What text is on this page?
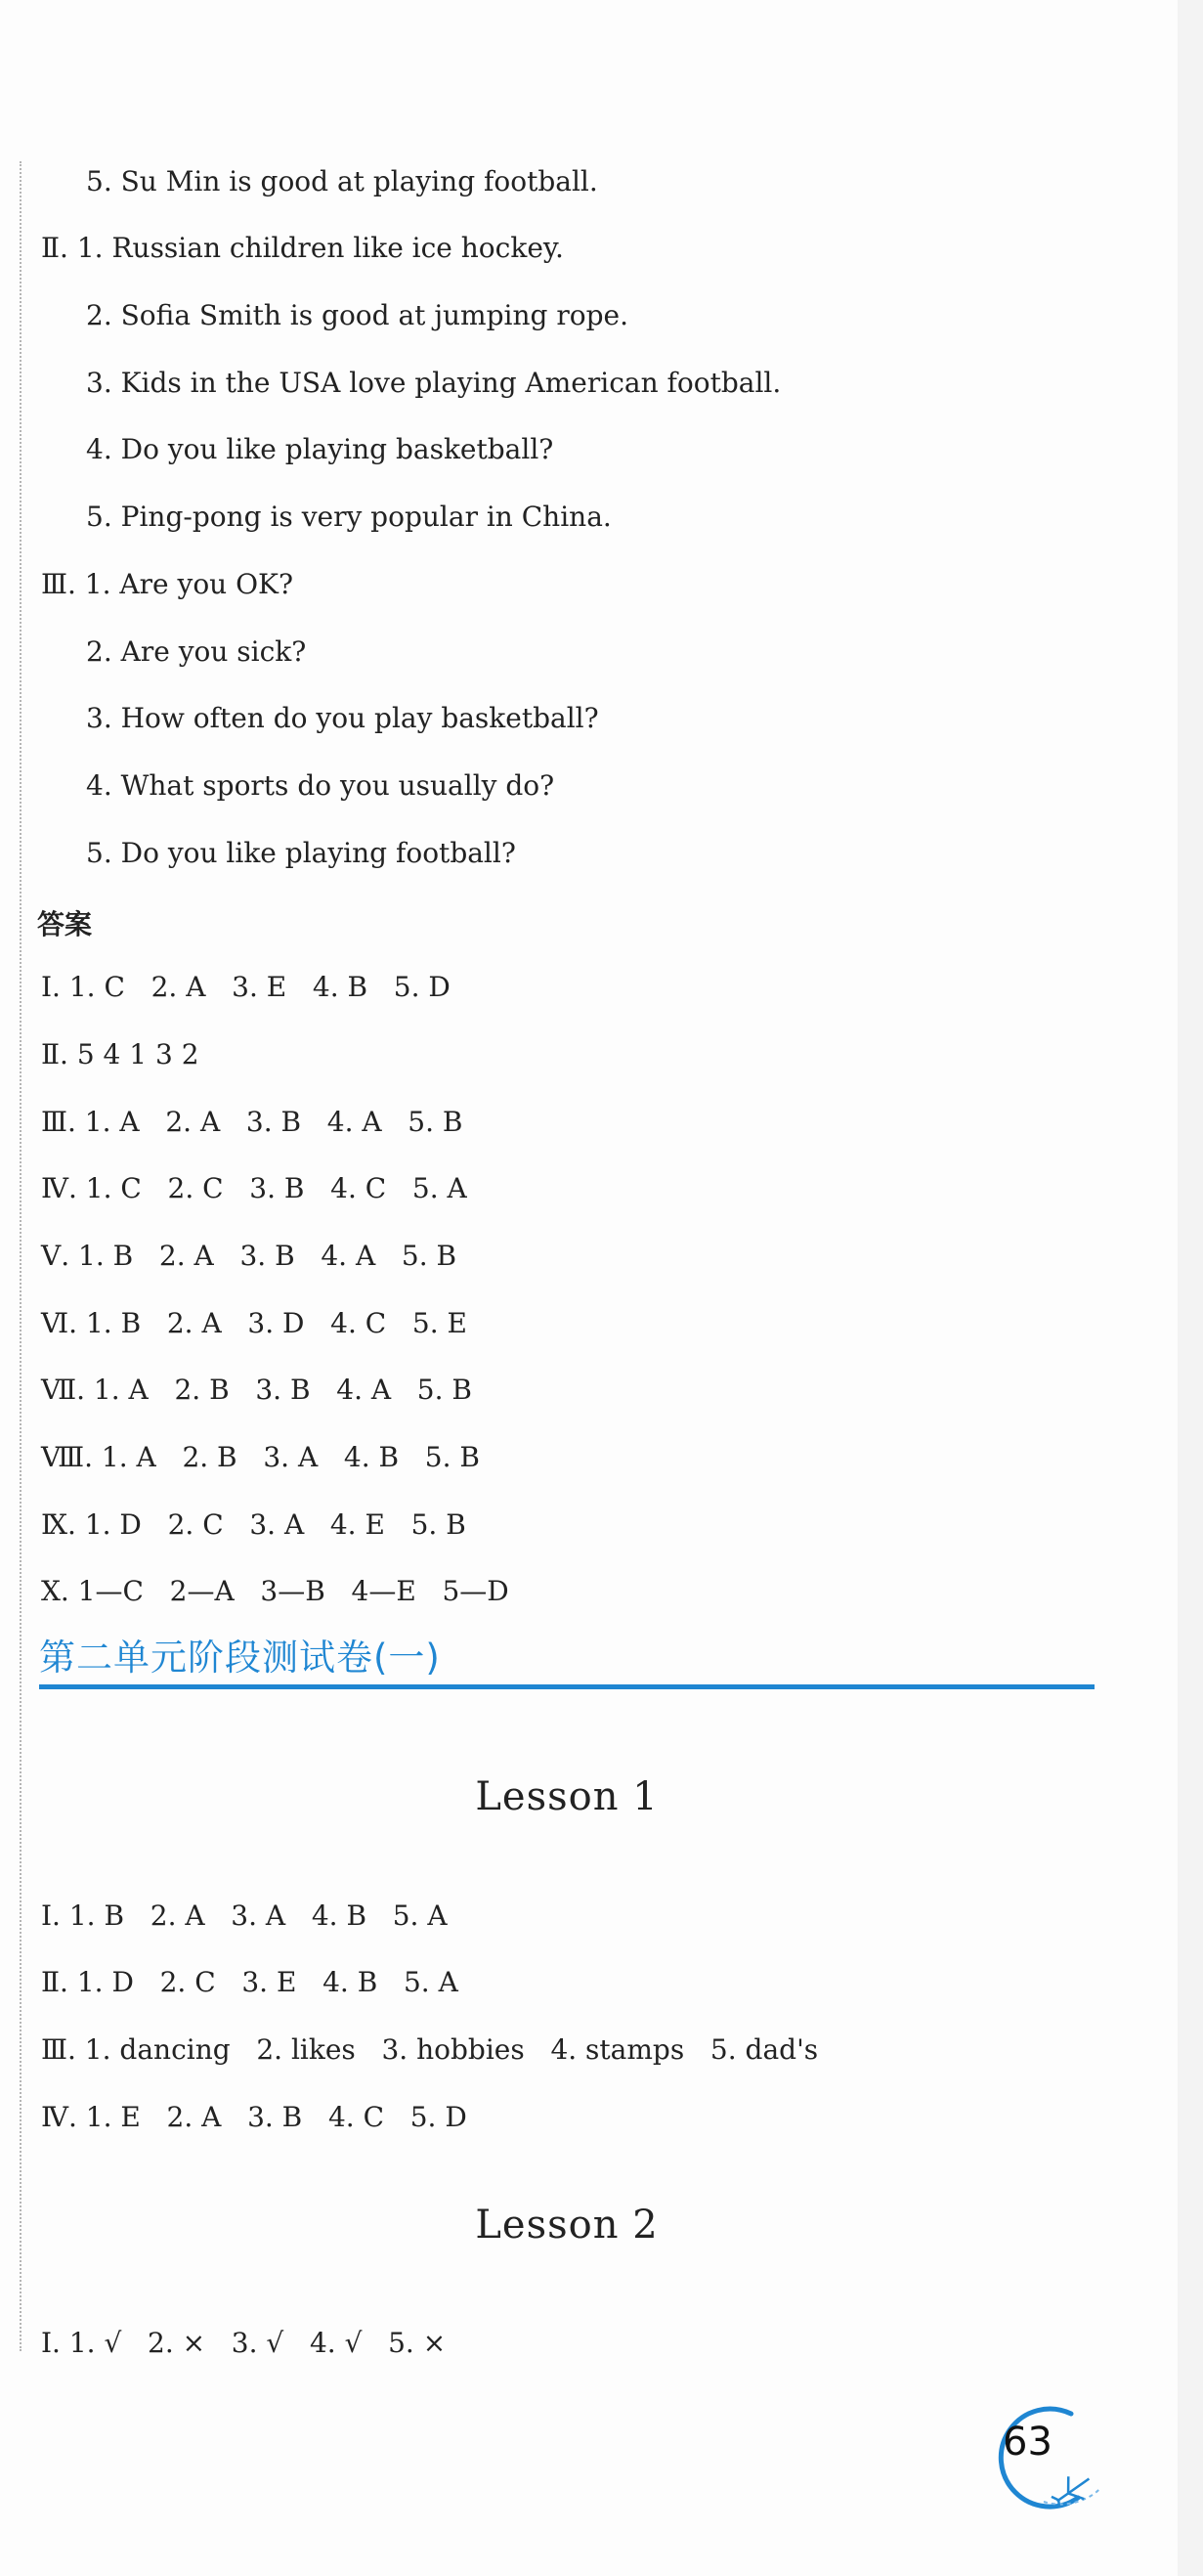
5. Su Min is good at playing football.
Ⅱ. 1. Russian children like ice hockey.
2. Sofia Smith is good at jumping rope.
3. Kids in the USA love playing American football.
4. Do you like playing basketball?
5. Ping-pong is very popular in China.
Ⅲ. 1. Are you OK?
2. Are you sick?
3. How often do you play basketball?
4. What sports do you usually do?
5. Do you like playing football?
答案
Ⅰ. 1. C   2. A   3. E   4. B   5. D
Ⅱ. 5 4 1 3 2
Ⅲ. 1. A   2. A   3. B   4. A   5. B
Ⅳ. 1. C   2. C   3. B   4. C   5. A
Ⅴ. 1. B   2. A   3. B   4. A   5. B
Ⅵ. 1. B   2. A   3. D   4. C   5. E
Ⅶ. 1. A   2. B   3. B   4. A   5. B
Ⅷ. 1. A   2. B   3. A   4. B   5. B
Ⅸ. 1. D   2. C   3. A   4. E   5. B
Ⅹ. 1—C   2—A   3—B   4—E   5—D
第二单元阶段测试卷(一)
Lesson 1
Ⅰ. 1. B   2. A   3. A   4. B   5. A
Ⅱ. 1. D   2. C   3. E   4. B   5. A
Ⅲ. 1. dancing   2. likes   3. hobbies   4. stamps   5. dad's
Ⅳ. 1. E   2. A   3. B   4. C   5. D
Lesson 2
Ⅰ. 1. √   2. ×   3. √   4. √   5. ×
63
